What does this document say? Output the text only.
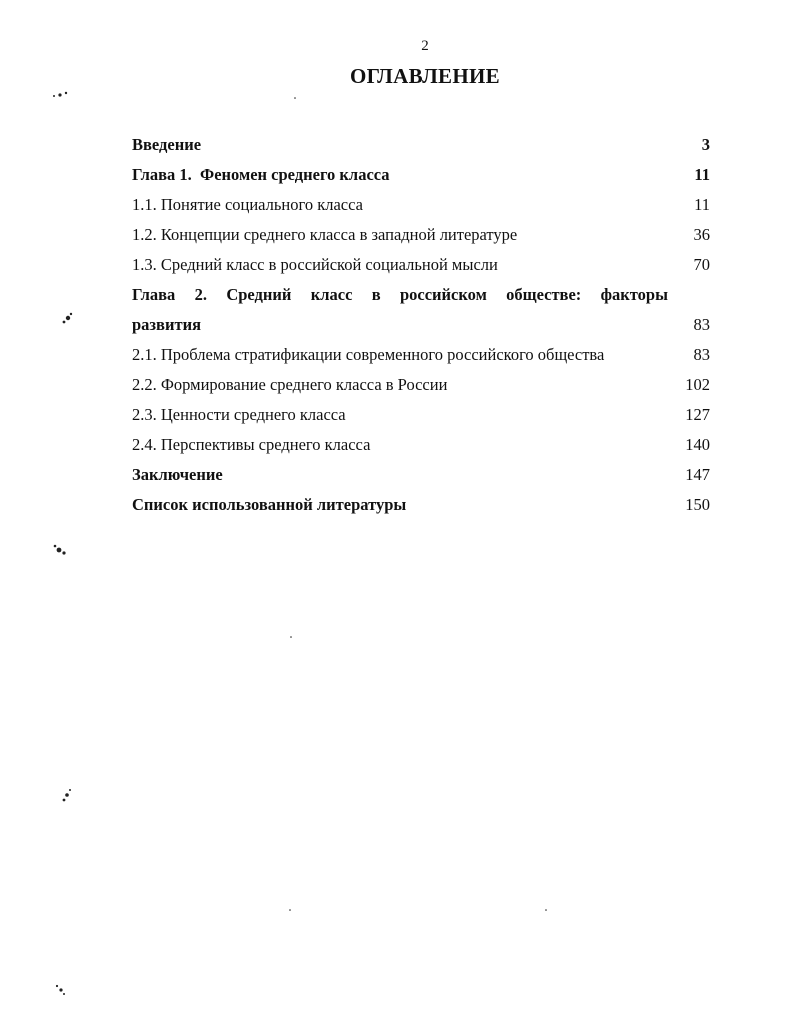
2
ОГЛАВЛЕНИЕ
Введение	3
Глава 1.  Феномен среднего класса	11
1.1. Понятие социального класса	11
1.2. Концепции среднего класса в западной литературе	36
1.3. Средний класс в российской социальной мысли	70
Глава 2. Средний класс в российском обществе: факторы
развития	83
2.1. Проблема стратификации современного российского общества	83
2.2. Формирование среднего класса в России	102
2.3. Ценности среднего класса	127
2.4. Перспективы среднего класса	140
Заключение	147
Список использованной литературы	150
